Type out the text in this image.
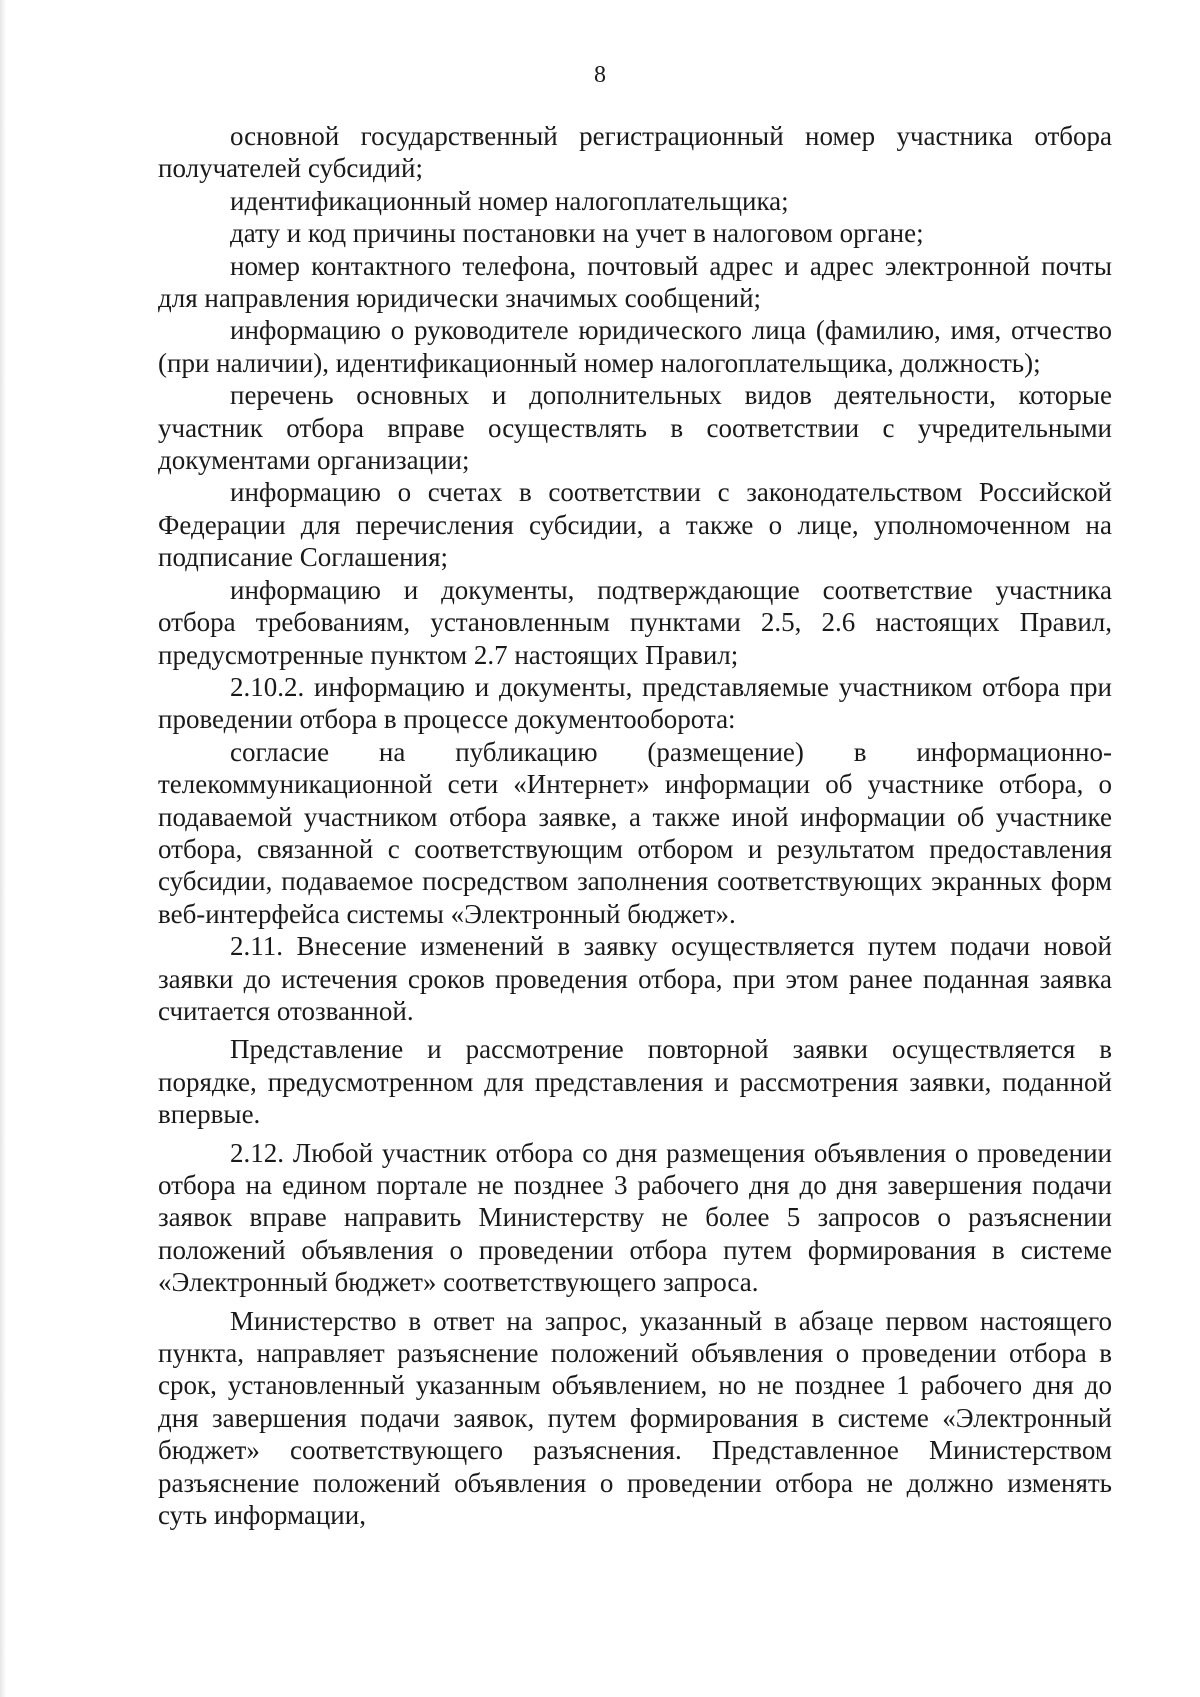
8

основной государственный регистрационный номер участника отбора получателей субсидий;

идентификационный номер налогоплательщика;

дату и код причины постановки на учет в налоговом органе;

номер контактного телефона, почтовый адрес и адрес электронной почты для направления юридически значимых сообщений;

информацию о руководителе юридического лица (фамилию, имя, отчество (при наличии), идентификационный номер налогоплательщика, должность);

перечень основных и дополнительных видов деятельности, которые участник отбора вправе осуществлять в соответствии с учредительными документами организации;

информацию о счетах в соответствии с законодательством Российской Федерации для перечисления субсидии, а также о лице, уполномоченном на подписание Соглашения;

информацию и документы, подтверждающие соответствие участника отбора требованиям, установленным пунктами 2.5, 2.6 настоящих Правил, предусмотренные пунктом 2.7 настоящих Правил;

2.10.2. информацию и документы, представляемые участником отбора при проведении отбора в процессе документооборота:

согласие на публикацию (размещение) в информационно-телекоммуникационной сети «Интернет» информации об участнике отбора, о подаваемой участником отбора заявке, а также иной информации об участнике отбора, связанной с соответствующим отбором и результатом предоставления субсидии, подаваемое посредством заполнения соответствующих экранных форм веб-интерфейса системы «Электронный бюджет».

2.11. Внесение изменений в заявку осуществляется путем подачи новой заявки до истечения сроков проведения отбора, при этом ранее поданная заявка считается отозванной.

Представление и рассмотрение повторной заявки осуществляется в порядке, предусмотренном для представления и рассмотрения заявки, поданной впервые.

2.12. Любой участник отбора со дня размещения объявления о проведении отбора на едином портале не позднее 3 рабочего дня до дня завершения подачи заявок вправе направить Министерству не более 5 запросов о разъяснении положений объявления о проведении отбора путем формирования в системе «Электронный бюджет» соответствующего запроса.

Министерство в ответ на запрос, указанный в абзаце первом настоящего пункта, направляет разъяснение положений объявления о проведении отбора в срок, установленный указанным объявлением, но не позднее 1 рабочего дня до дня завершения подачи заявок, путем формирования в системе «Электронный бюджет» соответствующего разъяснения. Представленное Министерством разъяснение положений объявления о проведении отбора не должно изменять суть информации,
